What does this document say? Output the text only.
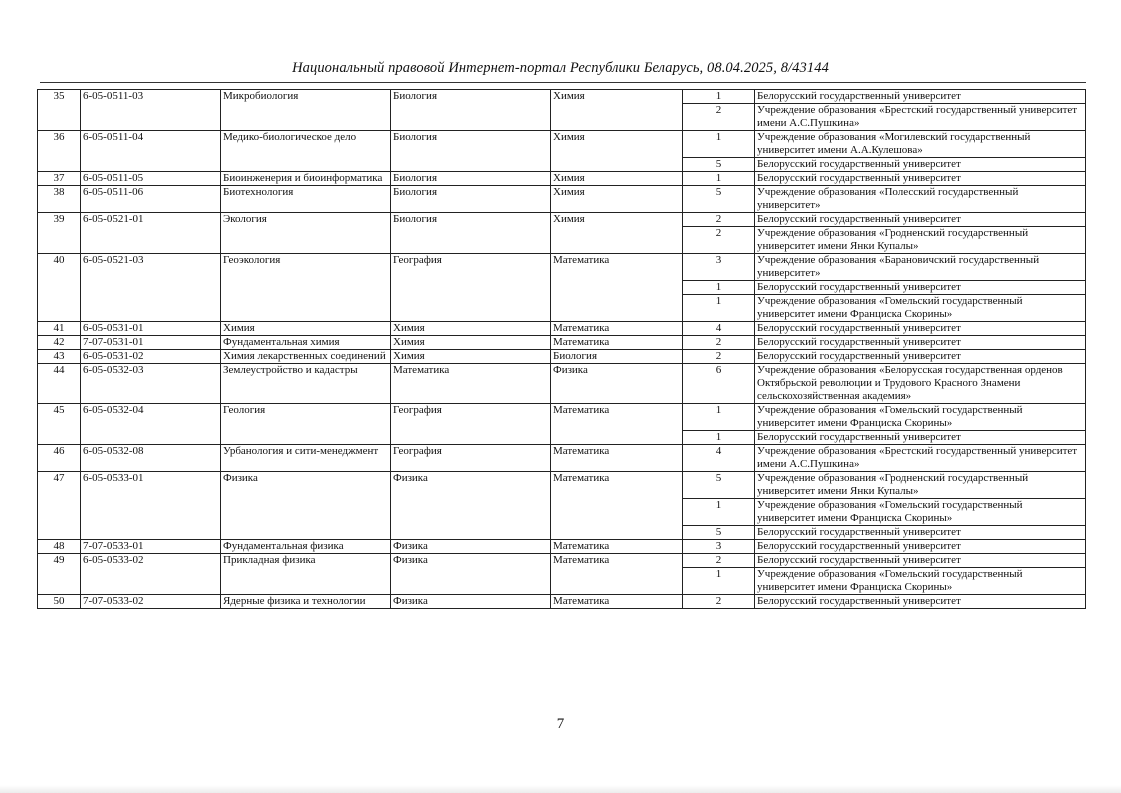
Национальный правовой Интернет-портал Республики Беларусь, 08.04.2025, 8/43144
35	6-05-0511-03	Микробиология	Биология	Химия	1	Белорусский государственный университет
					2	Учреждение образования «Брестский государственный университет имени А.С.Пушкина»
36	6-05-0511-04	Медико-биологическое дело	Биология	Химия	1	Учреждение образования «Могилевский государственный университет имени А.А.Кулешова»
					5	Белорусский государственный университет
37	6-05-0511-05	Биоинженерия и биоинформатика	Биология	Химия	1	Белорусский государственный университет
38	6-05-0511-06	Биотехнология	Биология	Химия	5	Учреждение образования «Полесский государственный университет»
39	6-05-0521-01	Экология	Биология	Химия	2	Белорусский государственный университет
					2	Учреждение образования «Гродненский государственный университет имени Янки Купалы»
40	6-05-0521-03	Геоэкология	География	Математика	3	Учреждение образования «Барановичский государственный университет»
					1	Белорусский государственный университет
					1	Учреждение образования «Гомельский государственный университет имени Франциска Скорины»
41	6-05-0531-01	Химия	Химия	Математика	4	Белорусский государственный университет
42	7-07-0531-01	Фундаментальная химия	Химия	Математика	2	Белорусский государственный университет
43	6-05-0531-02	Химия лекарственных соединений	Химия	Биология	2	Белорусский государственный университет
44	6-05-0532-03	Землеустройство и кадастры	Математика	Физика	6	Учреждение образования «Белорусская государственная орденов Октябрьской революции и Трудового Красного Знамени сельскохозяйственная академия»
45	6-05-0532-04	Геология	География	Математика	1	Учреждение образования «Гомельский государственный университет имени Франциска Скорины»
					1	Белорусский государственный университет
46	6-05-0532-08	Урбанология и сити-менеджмент	География	Математика	4	Учреждение образования «Брестский государственный университет имени А.С.Пушкина»
47	6-05-0533-01	Физика	Физика	Математика	5	Учреждение образования «Гродненский государственный университет имени Янки Купалы»
					1	Учреждение образования «Гомельский государственный университет имени Франциска Скорины»
					5	Белорусский государственный университет
48	7-07-0533-01	Фундаментальная физика	Физика	Математика	3	Белорусский государственный университет
49	6-05-0533-02	Прикладная физика	Физика	Математика	2	Белорусский государственный университет
					1	Учреждение образования «Гомельский государственный университет имени Франциска Скорины»
50	7-07-0533-02	Ядерные физика и технологии	Физика	Математика	2	Белорусский государственный университет
7
